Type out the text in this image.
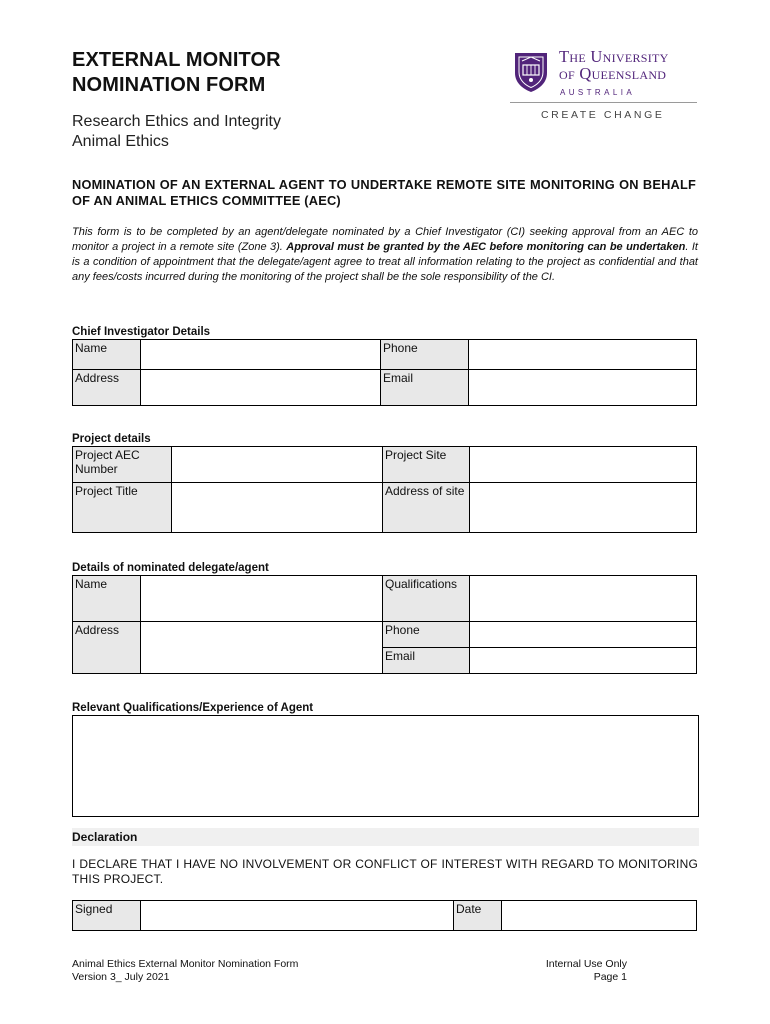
EXTERNAL MONITOR
NOMINATION FORM
Research Ethics and Integrity
Animal Ethics
The University
of Queensland
AUSTRALIA
CREATE CHANGE
NOMINATION OF AN EXTERNAL AGENT TO UNDERTAKE REMOTE SITE MONITORING ON BEHALF OF AN ANIMAL ETHICS COMMITTEE (AEC)
This form is to be completed by an agent/delegate nominated by a Chief Investigator (CI) seeking approval from an AEC to monitor a project in a remote site (Zone 3). Approval must be granted by the AEC before monitoring can be undertaken. It is a condition of appointment that the delegate/agent agree to treat all information relating to the project as confidential and that any fees/costs incurred during the monitoring of the project shall be the sole responsibility of the CI.
Chief Investigator Details
Name		Phone	
Address		Email	
Project details
Project AEC Number		Project Site	
Project Title		Address of site	
Details of nominated delegate/agent
Name		Qualifications	
Address		Phone	
		Email	
Relevant Qualifications/Experience of Agent
Declaration
I DECLARE THAT I HAVE NO INVOLVEMENT OR CONFLICT OF INTEREST WITH REGARD TO MONITORING THIS PROJECT.
Signed		Date	
Animal Ethics External Monitor Nomination Form
Version 3_ July 2021
Internal Use Only
Page 1
